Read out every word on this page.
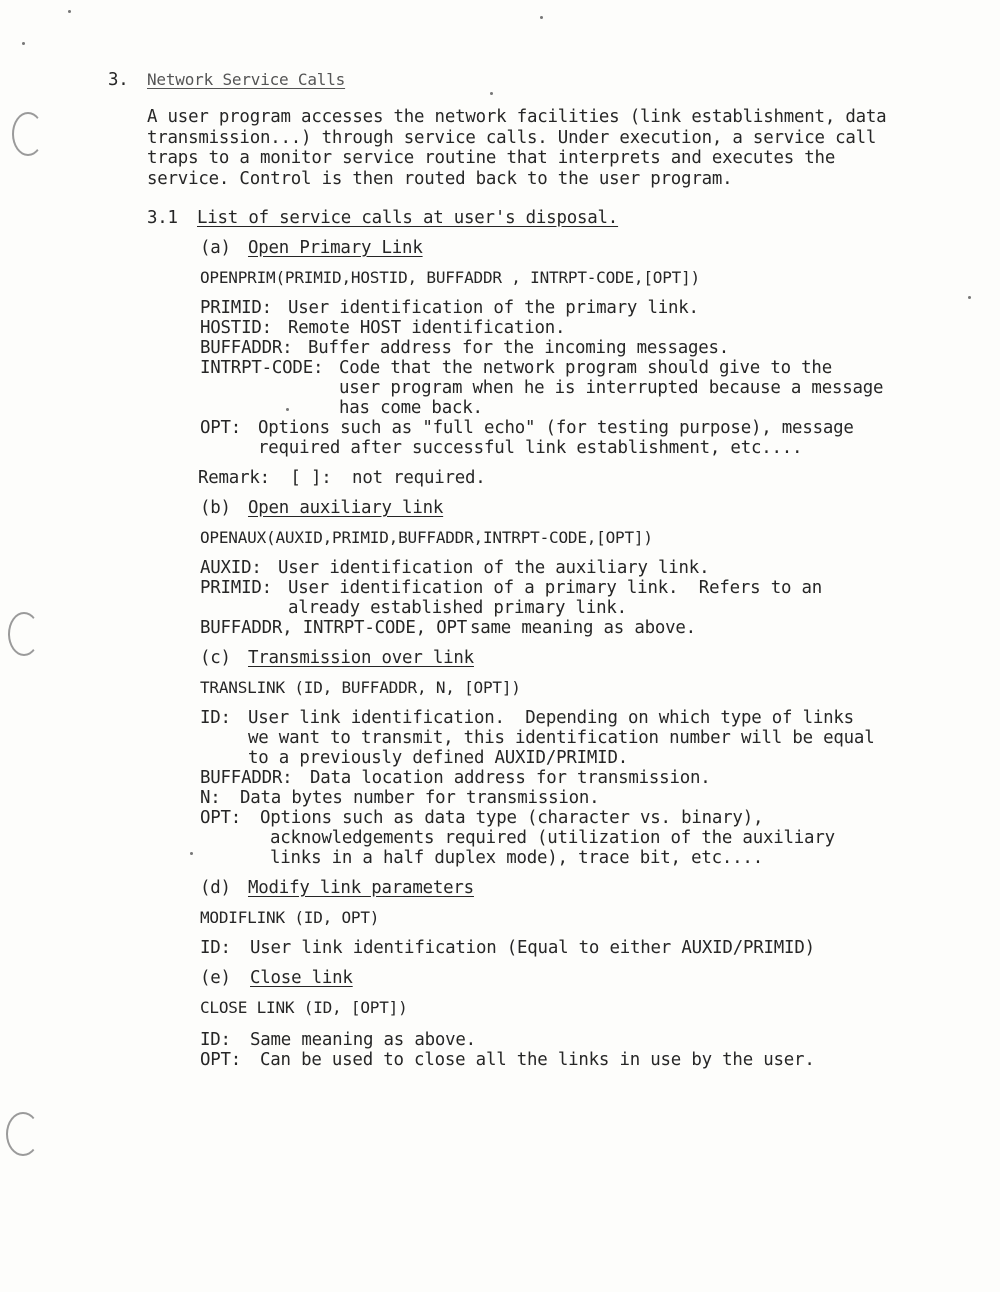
3. Network Service Calls
A user program accesses the network facilities (link establishment, data transmission...) through service calls. Under execution, a service call traps to a monitor service routine that interprets and executes the service. Control is then routed back to the user program.
3.1 List of service calls at user's disposal.
(a) Open Primary Link
OPENPRIM(PRIMID,HOSTID, BUFFADDR , INTRPT-CODE,[OPT])
PRIMID: User identification of the primary link.
HOSTID: Remote HOST identification.
BUFFADDR: Buffer address for the incoming messages.
INTRPT-CODE: Code that the network program should give to the
user program when he is interrupted because a message
has come back.
OPT: Options such as "full echo" (for testing purpose), message
required after successful link establishment, etc....
Remark:  [ ]:  not required.
(b) Open auxiliary link
OPENAUX(AUXID,PRIMID,BUFFADDR,INTRPT-CODE,[OPT])
AUXID: User identification of the auxiliary link.
PRIMID: User identification of a primary link.  Refers to an
already established primary link.
BUFFADDR, INTRPT-CODE, OPT same meaning as above.
(c) Transmission over link
TRANSLINK (ID, BUFFADDR, N, [OPT])
ID: User link identification.  Depending on which type of links
we want to transmit, this identification number will be equal
to a previously defined AUXID/PRIMID.
BUFFADDR: Data location address for transmission.
N: Data bytes number for transmission.
OPT: Options such as data type (character vs. binary),
acknowledgements required (utilization of the auxiliary
links in a half duplex mode), trace bit, etc....
(d) Modify link parameters
MODIFLINK (ID, OPT)
ID: User link identification (Equal to either AUXID/PRIMID)
(e) Close link
CLOSE LINK (ID, [OPT])
ID: Same meaning as above.
OPT: Can be used to close all the links in use by the user.
